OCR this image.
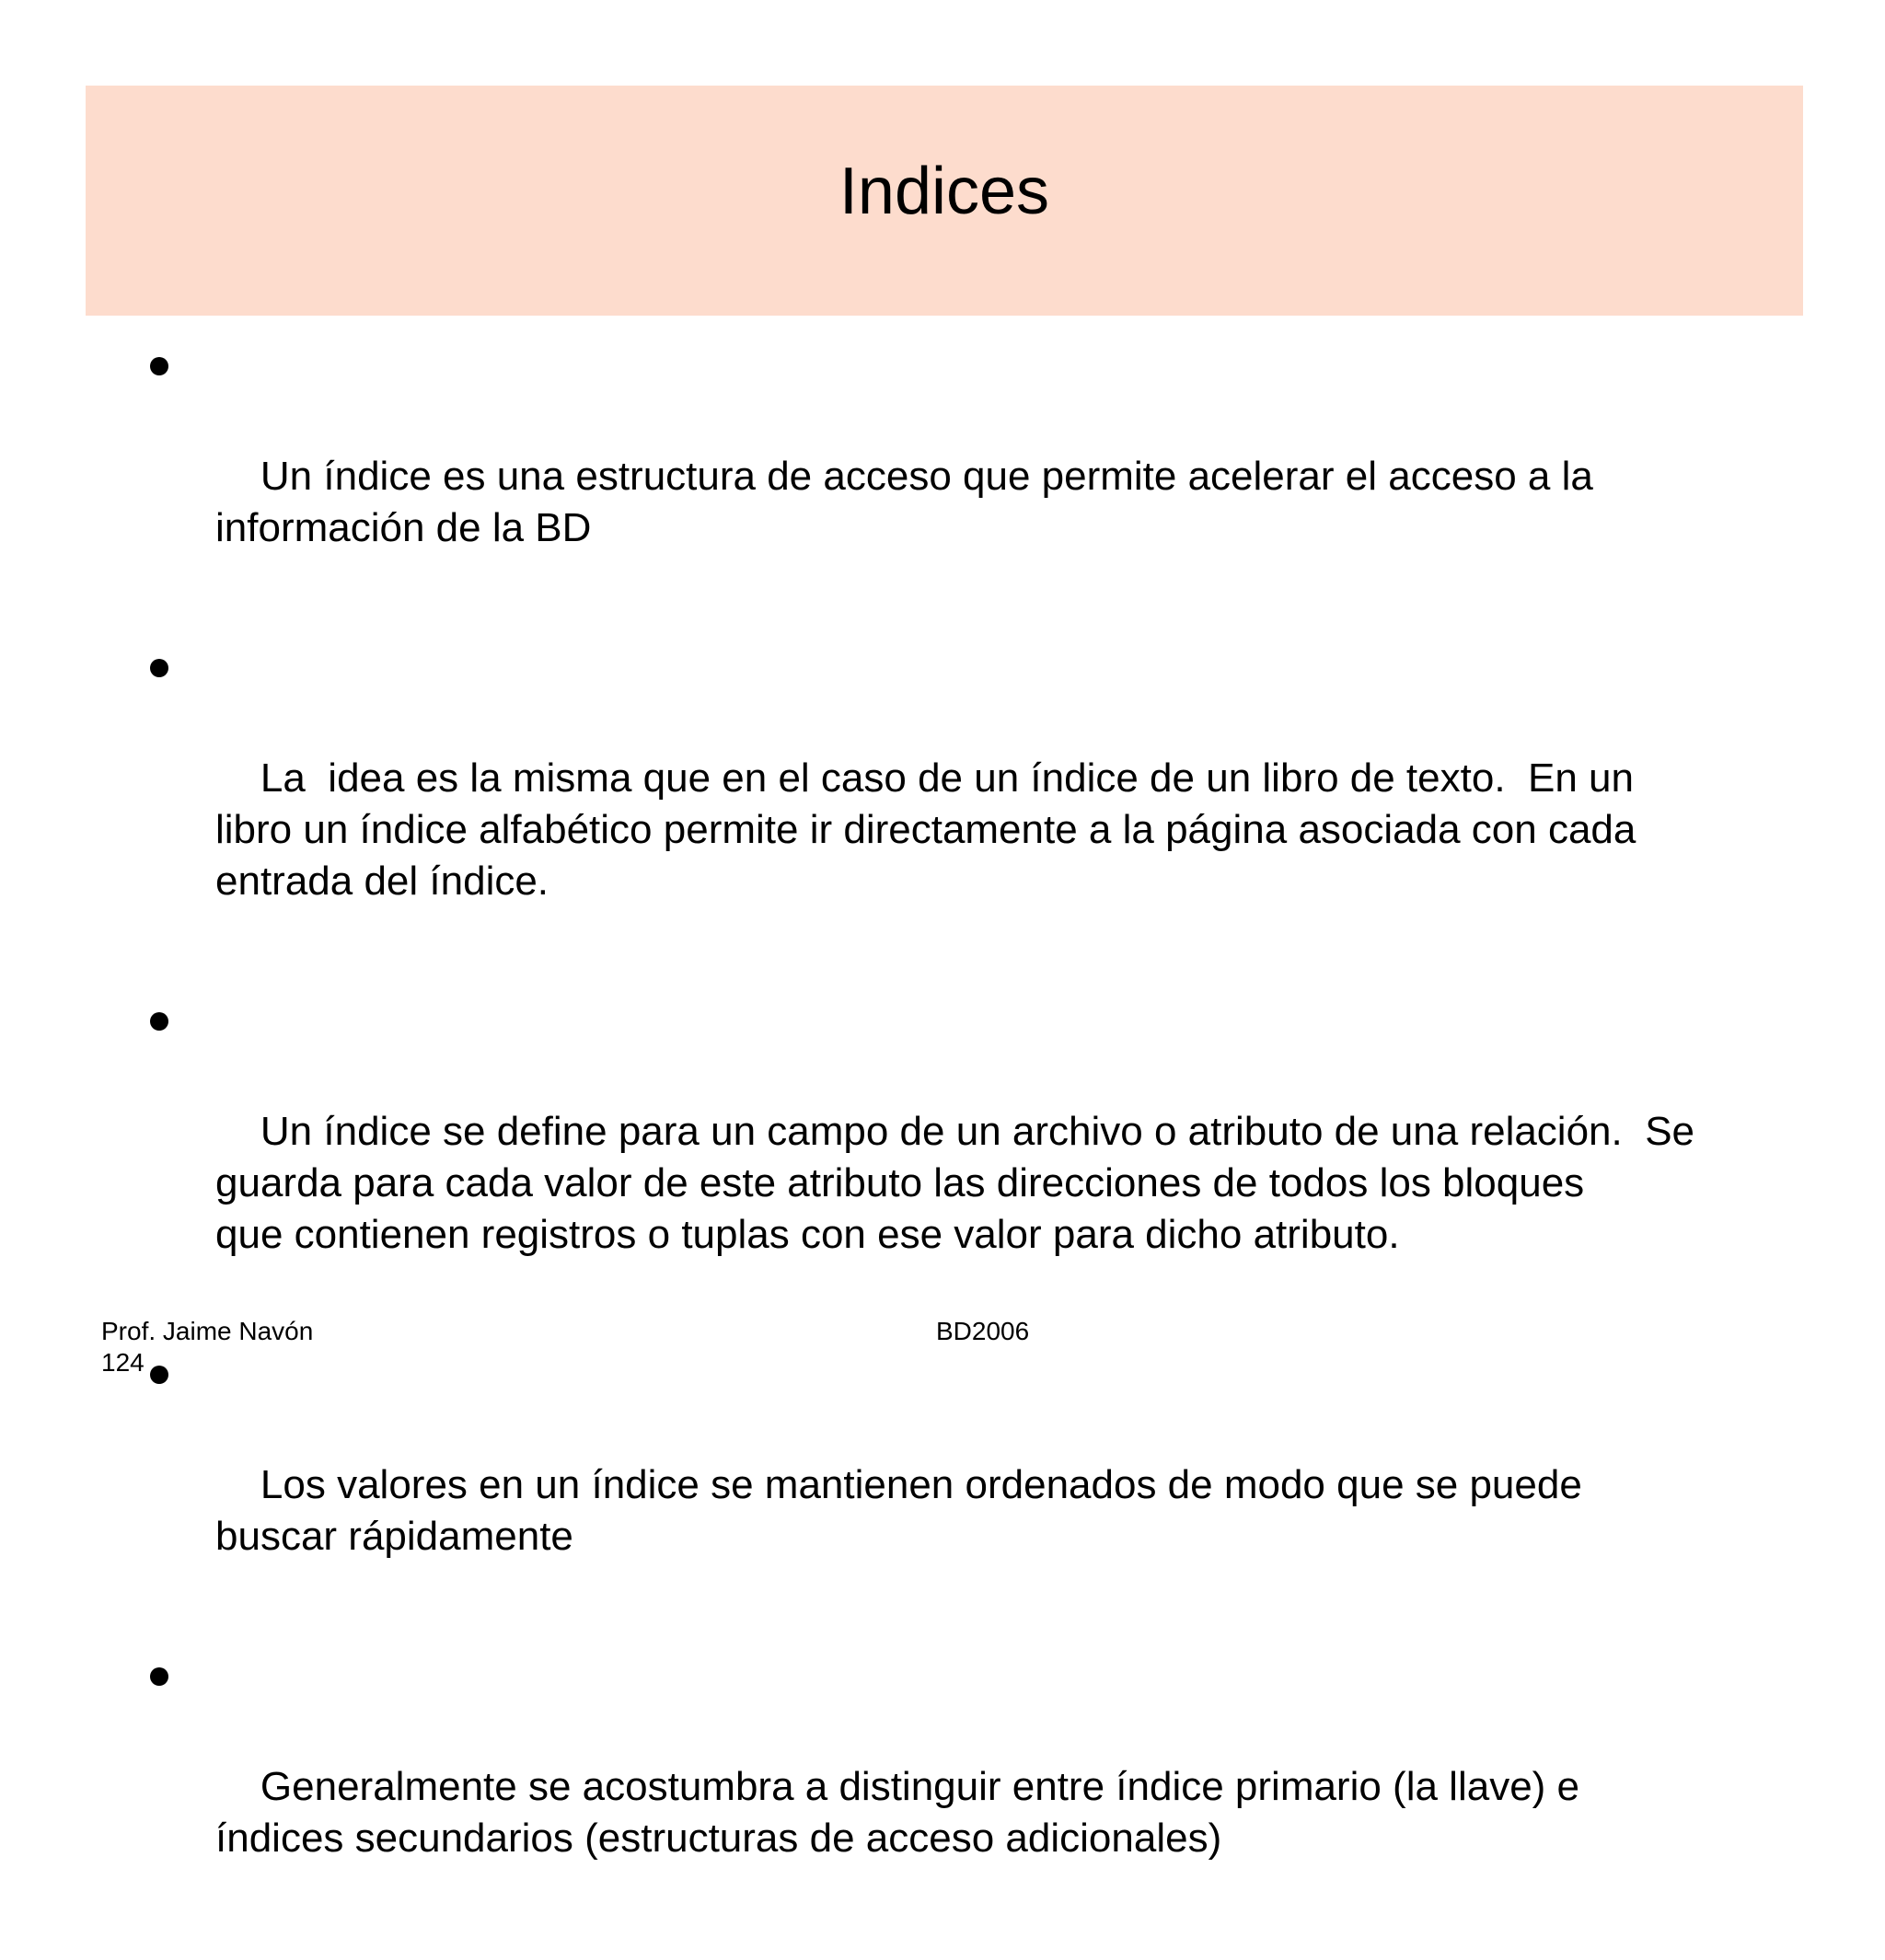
Indices

Un índice es una estructura de acceso que permite acelerar el acceso a la
información de la BD

La  idea es la misma que en el caso de un índice de un libro de texto.  En un
libro un índice alfabético permite ir directamente a la página asociada con cada
entrada del índice.

Un índice se define para un campo de un archivo o atributo de una relación.  Se
guarda para cada valor de este atributo las direcciones de todos los bloques
que contienen registros o tuplas con ese valor para dicho atributo.

Los valores en un índice se mantienen ordenados de modo que se puede
buscar rápidamente

Generalmente se acostumbra a distinguir entre índice primario (la llave) e
índices secundarios (estructuras de acceso adicionales)

Prof. Jaime Navón
124
BD2006
